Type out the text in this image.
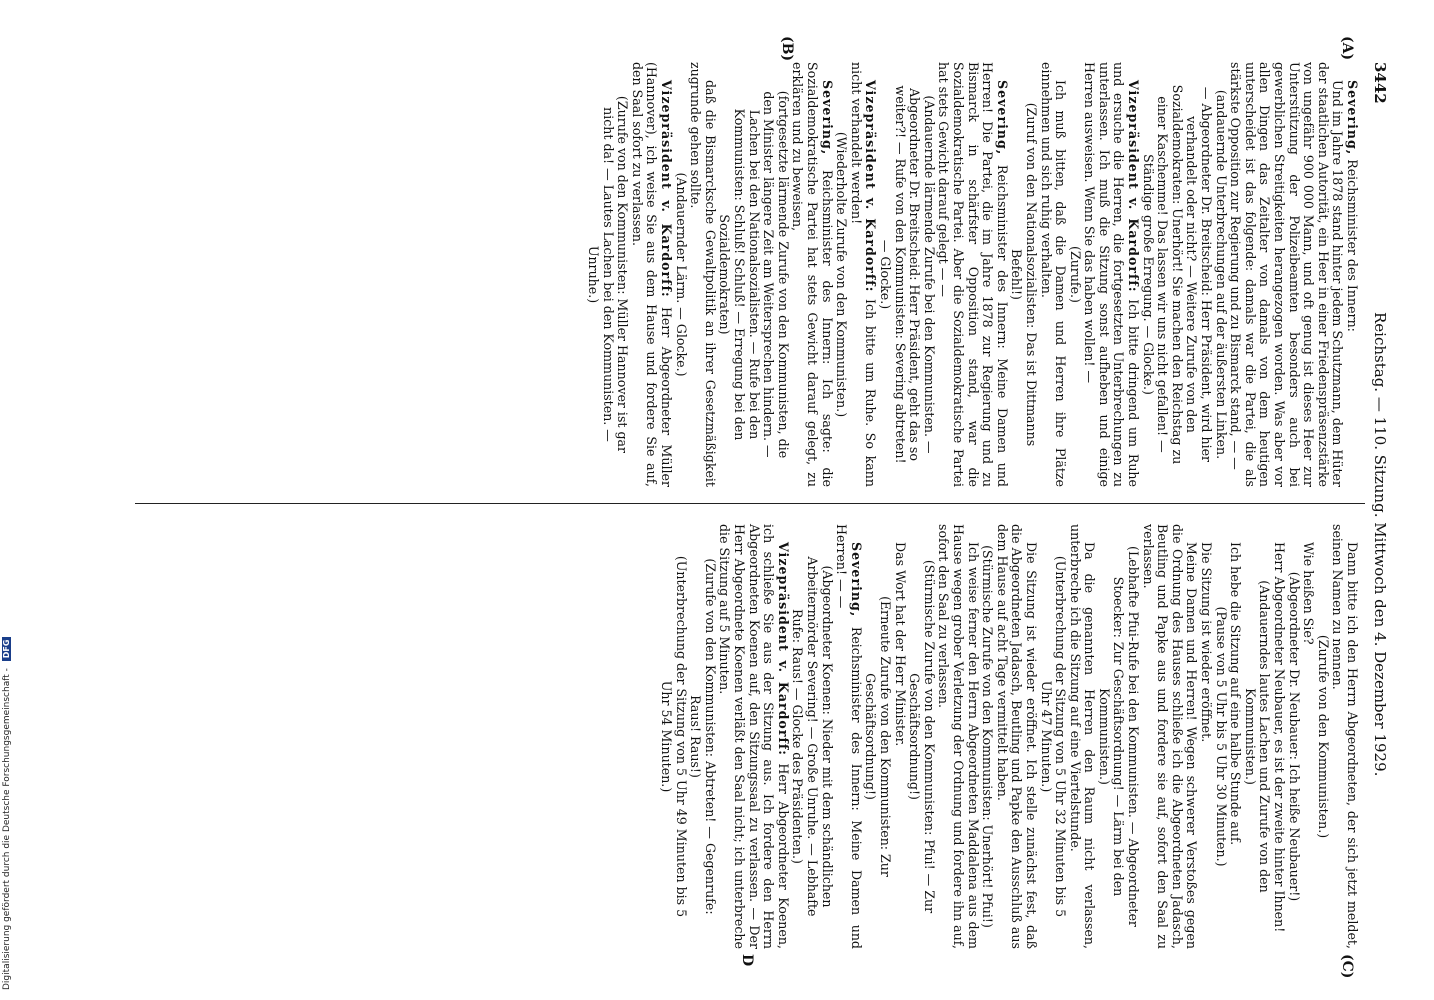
3442
Reichstag. — 110. Sitzung. Mittwoch den 4. Dezember 1929.
(A)
(B)
(C)
D

Severing, Reichsminister des Innern:

Und im Jahre 1878 stand hinter jedem Schutzmann, dem Hüter der staatlichen Autorität, ein Heer in einer Friedenspräsenzstärke von ungefähr 900 000 Mann, und oft genug ist dieses Heer zur Unterstützung der Polizeibeamten besonders auch bei gewerblichen Streitigkeiten herangezogen worden. Was aber vor allen Dingen das Zeitalter von damals von dem heutigen unterscheidet ist das folgende: damals war die Partei, die als stärkste Opposition zur Regierung und zu Bismarck stand, — —

(andauernde Unterbrechungen auf der äußersten Linken. — Abgeordneter Dr. Breitscheid: Herr Präsident, wird hier verhandelt oder nicht? — Weitere Zurufe von den Sozialdemokraten: Unerhört! Sie machen den Reichstag zu einer Kaschemme! Das lassen wir uns nicht gefallen! — Ständige große Erregung. — Glocke.)

Vizepräsident v. Kardorff: Ich bitte dringend um Ruhe und ersuche die Herren, die fortgesetzten Unterbrechungen zu unterlassen. Ich muß die Sitzung sonst aufheben und einige Herren ausweisen. Wenn Sie das haben wollen! —

(Zurufe.)

Ich muß bitten, daß die Damen und Herren ihre Plätze einnehmen und sich ruhig verhalten.

(Zuruf von den Nationalsozialisten: Das ist Dittmanns Befehl!)

Severing, Reichsminister des Innern: Meine Damen und Herren! Die Partei, die im Jahre 1878 zur Regierung und zu Bismarck in schärfster Opposition stand, war die Sozialdemokratische Partei. Aber die Sozialdemokratische Partei hat stets Gewicht darauf gelegt — —

(Andauernde lärmende Zurufe bei den Kommunisten. — Abgeordneter Dr. Breitscheid: Herr Präsident, geht das so weiter?! — Rufe von den Kommunisten: Severing abtreten! — Glocke.)

Vizepräsident v. Kardorff: Ich bitte um Ruhe. So kann nicht verhandelt werden!

(Wiederholte Zurufe von den Kommunisten.)

Severing, Reichsminister des Innern: Ich sagte: die Sozialdemokratische Partei hat stets Gewicht darauf gelegt, zu erklären und zu beweisen,

(fortgesetzte lärmende Zurufe von den Kommunisten, die den Minister längere Zeit am Weitersprechen hindern. — Lachen bei den Nationalsozialisten. — Rufe bei den Kommunisten: Schluß! Schluß! — Erregung bei den Sozialdemokraten)

daß die Bismarcksche Gewaltpolitik an ihrer Gesetzmäßigkeit zugrunde gehen sollte.

(Andauernder Lärm. — Glocke.)

Vizepräsident v. Kardorff: Herr Abgeordneter Müller (Hannover), ich weise Sie aus dem Hause und fordere Sie auf, den Saal sofort zu verlassen.

(Zurufe von den Kommunisten: Müller Hannover ist gar nicht da! — Lautes Lachen bei den Kommunisten. — Unruhe.)

Dann bitte ich den Herrn Abgeordneten, der sich jetzt meldet, seinen Namen zu nennen.

(Zurufe von den Kommunisten.)

Wie heißen Sie?

(Abgeordneter Dr. Neubauer: Ich heiße Neubauer!)

Herr Abgeordneter Neubauer, es ist der zweite hinter Ihnen!

(Andauerndes lautes Lachen und Zurufe von den Kommunisten.)

Ich hebe die Sitzung auf eine halbe Stunde auf.

(Pause von 5 Uhr bis 5 Uhr 30 Minuten.)

Die Sitzung ist wieder eröffnet.

Meine Damen und Herren! Wegen schwerer Verstoßes gegen die Ordnung des Hauses schließe ich die Abgeordneten Jadasch, Beutling und Papke aus und fordere sie auf, sofort den Saal zu verlassen.

(Lebhafte Pfui-Rufe bei den Kommunisten. — Abgeordneter Stoecker: Zur Geschäftsordnung! — Lärm bei den Kommunisten.)

Da die genannten Herren den Raum nicht verlassen, unterbreche ich die Sitzung auf eine Viertelstunde.

(Unterbrechung der Sitzung von 5 Uhr 32 Minuten bis 5 Uhr 47 Minuten.)

Die Sitzung ist wieder eröffnet. Ich stelle zunächst fest, daß die Abgeordneten Jadasch, Beutling und Papke den Ausschluß aus dem Hause auf acht Tage vermittelt haben.

(Stürmische Zurufe von den Kommunisten: Unerhört! Pfui!)

Ich weise ferner den Herrn Abgeordneten Maddalena aus dem Hause wegen grober Verletzung der Ordnung und fordere ihn auf, sofort den Saal zu verlassen.

(Stürmische Zurufe von den Kommunisten: Pfui! — Zur Geschäftsordnung!)

Das Wort hat der Herr Minister.

(Erneute Zurufe von den Kommunisten: Zur Geschäftsordnung!)

Severing, Reichsminister des Innern: Meine Damen und Herren! — —

(Abgeordneter Koenen: Nieder mit dem schändlichen Arbeitermörder Severing! — Große Unruhe. — Lebhafte Rufe: Raus! — Glocke des Präsidenten.)

Vizepräsident v. Kardorff: Herr Abgeordneter Koenen, ich schließe Sie aus der Sitzung aus. Ich fordere den Herrn Abgeordneten Koenen auf, den Sitzungssaal zu verlassen. — Der Herr Abgeordnete Koenen verläßt den Saal nicht; ich unterbreche die Sitzung auf 5 Minuten.

(Zurufe von den Kommunisten: Abtreten! — Gegenrufe: Raus! Raus!)

(Unterbrechung der Sitzung von 5 Uhr 49 Minuten bis 5 Uhr 54 Minuten.)

Digitalisierung gefördert durch die Deutsche Forschungsgemeinschaft - DFG
